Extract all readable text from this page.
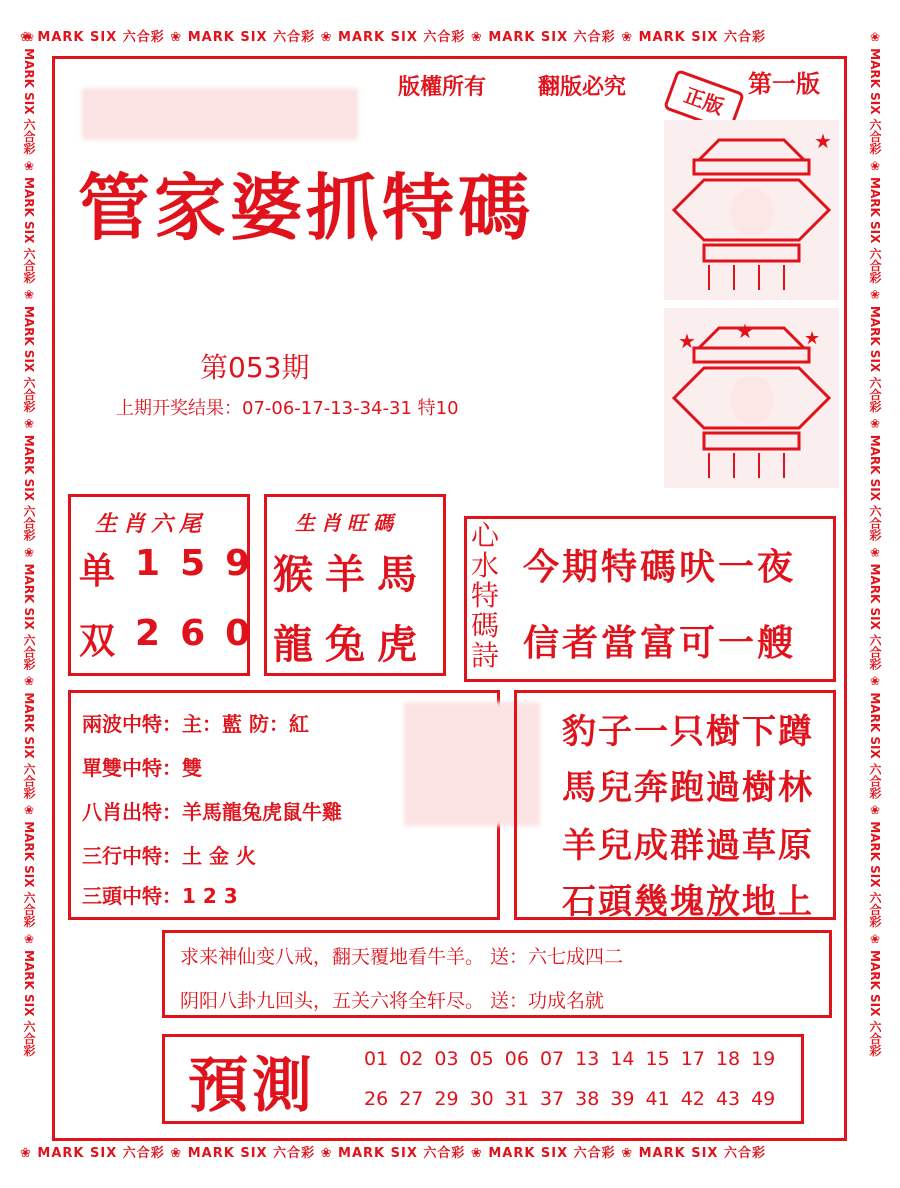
❀ MARK SIX 六合彩 ❀ MARK SIX 六合彩 ❀ MARK SIX 六合彩 ❀ MARK SIX 六合彩 ❀ MARK SIX 六合彩
❀ MARK SIX 六合彩 ❀ MARK SIX 六合彩 ❀ MARK SIX 六合彩 ❀ MARK SIX 六合彩 ❀ MARK SIX 六合彩
❀ MARK SIX 六合彩 ❀ MARK SIX 六合彩 ❀ MARK SIX 六合彩 ❀ MARK SIX 六合彩 ❀ MARK SIX 六合彩 ❀ MARK SIX 六合彩 ❀ MARK SIX 六合彩 ❀ MARK SIX 六合彩	❀ MARK SIX 六合彩 ❀ MARK SIX 六合彩 ❀ MARK SIX 六合彩 ❀ MARK SIX 六合彩 ❀ MARK SIX 六合彩 ❀ MARK SIX 六合彩 ❀ MARK SIX 六合彩 ❀ MARK SIX 六合彩
版權所有 翻版必究	第一版
正版
管家婆抓特碼
★
★ ★	★
第053期
上期开奖结果：07-06-17-13-34-31 特10
生肖六尾
单 1 5 9
双 2 6 0
生肖旺碼
猴羊馬
龍兔虎
心水特碼詩
今期特碼吠一夜
信者當富可一艘
兩波中特：主：藍 防：紅
單雙中特：雙
八肖出特：羊馬龍兔虎鼠牛雞
三行中特：土 金 火
三頭中特：1 2 3
豹子一只樹下蹲
馬兒奔跑過樹林
羊兒成群過草原
石頭幾塊放地上
求来神仙变八戒，翻天覆地看牛羊。 送：六七成四二
阴阳八卦九回头，五关六将全轩尽。 送：功成名就
預測	01 02 03 05 06 07 13 14 15 17 18 19
26 27 29 30 31 37 38 39 41 42 43 49
